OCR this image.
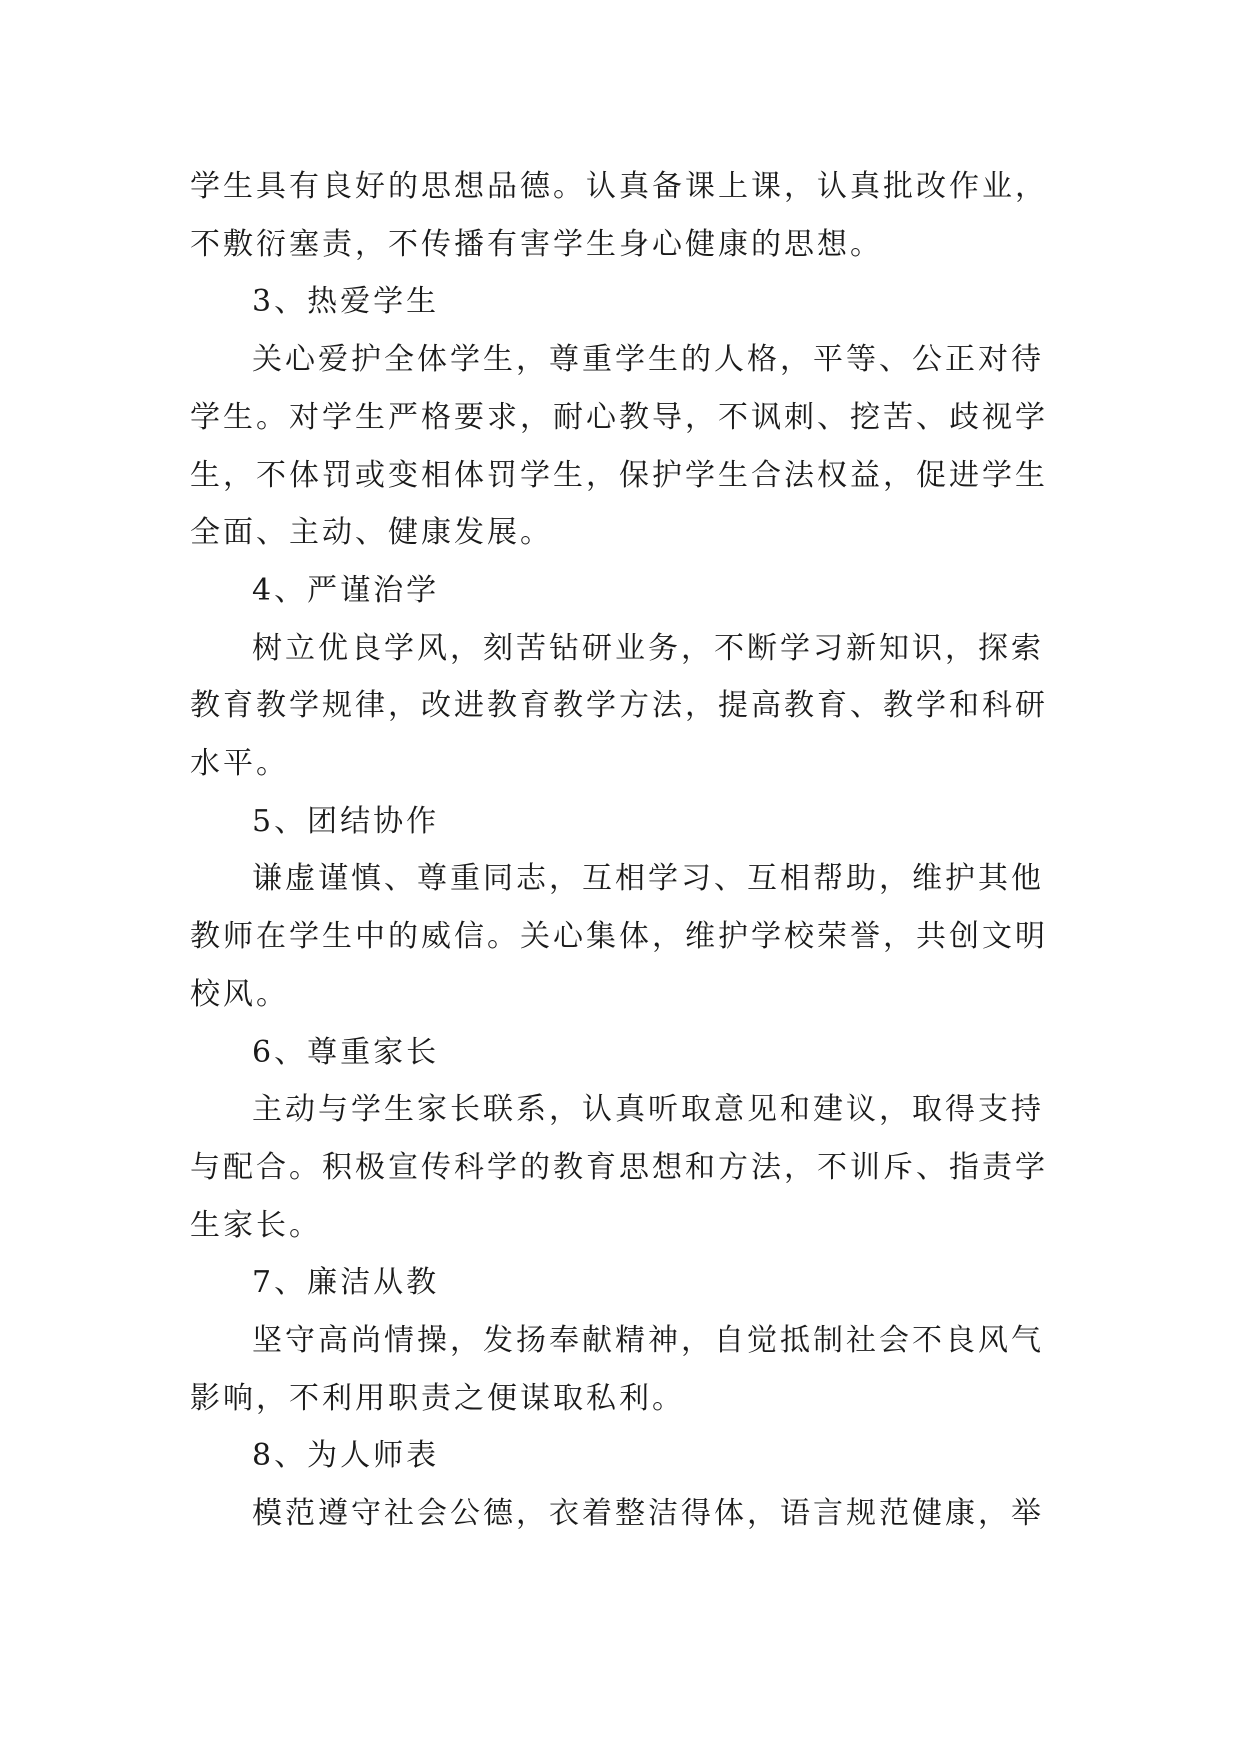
学生具有良好的思想品德。认真备课上课，认真批改作业，不敷衍塞责，不传播有害学生身心健康的思想。

3、热爱学生

关心爱护全体学生，尊重学生的人格，平等、公正对待学生。对学生严格要求，耐心教导，不讽刺、挖苦、歧视学生，不体罚或变相体罚学生，保护学生合法权益，促进学生全面、主动、健康发展。

4、严谨治学

树立优良学风，刻苦钻研业务，不断学习新知识，探索教育教学规律，改进教育教学方法，提高教育、教学和科研水平。

5、团结协作

谦虚谨慎、尊重同志，互相学习、互相帮助，维护其他教师在学生中的威信。关心集体，维护学校荣誉，共创文明校风。

6、尊重家长

主动与学生家长联系，认真听取意见和建议，取得支持与配合。积极宣传科学的教育思想和方法，不训斥、指责学生家长。

7、廉洁从教

坚守高尚情操，发扬奉献精神，自觉抵制社会不良风气影响，不利用职责之便谋取私利。

8、为人师表

模范遵守社会公德，衣着整洁得体，语言规范健康，举
